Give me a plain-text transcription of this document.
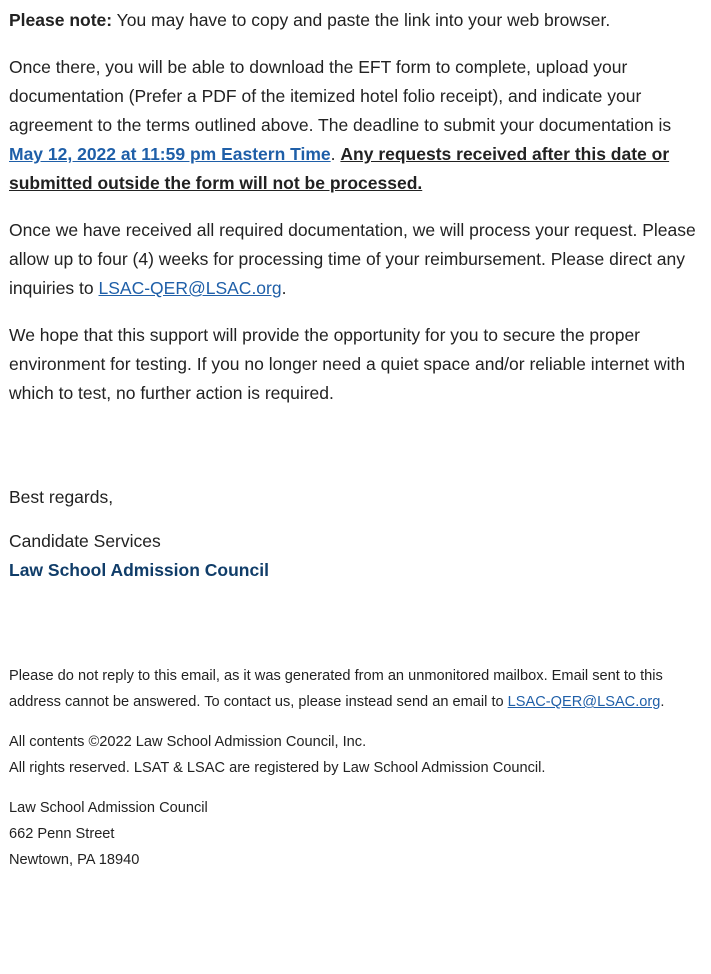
Please note: You may have to copy and paste the link into your web browser.

Once there, you will be able to download the EFT form to complete, upload your documentation (Prefer a PDF of the itemized hotel folio receipt), and indicate your agreement to the terms outlined above. The deadline to submit your documentation is May 12, 2022 at 11:59 pm Eastern Time. Any requests received after this date or submitted outside the form will not be processed.

Once we have received all required documentation, we will process your request. Please allow up to four (4) weeks for processing time of your reimbursement. Please direct any inquiries to LSAC-QER@LSAC.org.

We hope that this support will provide the opportunity for you to secure the proper environment for testing. If you no longer need a quiet space and/or reliable internet with which to test, no further action is required.

Best regards,

Candidate Services

Law School Admission Council

Please do not reply to this email, as it was generated from an unmonitored mailbox. Email sent to this address cannot be answered. To contact us, please instead send an email to LSAC-QER@LSAC.org.

All contents ©2022 Law School Admission Council, Inc.

All rights reserved. LSAT & LSAC are registered by Law School Admission Council.

Law School Admission Council

662 Penn Street

Newtown, PA 18940
